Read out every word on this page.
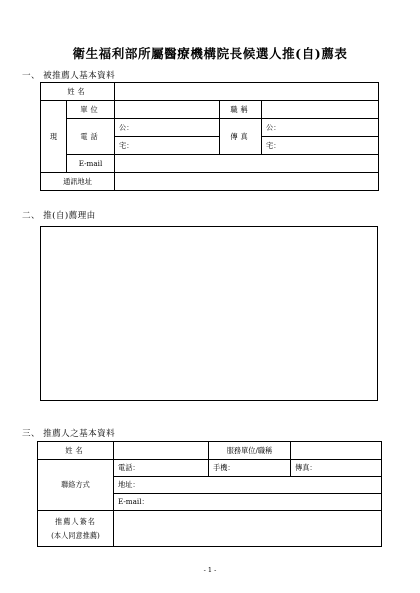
衛生福利部所屬醫療機構院長候選人推(自)薦表
一、 被推薦人基本資料
姓名				
現	單位		職稱	
	電話	公：	傳真	公：
		宅：		宅：
	E-mail			
通訊地址				
二、 推(自)薦理由
三、 推薦人之基本資料
姓名		服務單位/職稱	
聯絡方式	電話：	手機：	傳真：
	地址：		
	E-mail：		

推薦人簽名
(本人同意推薦)			

- 1 -
